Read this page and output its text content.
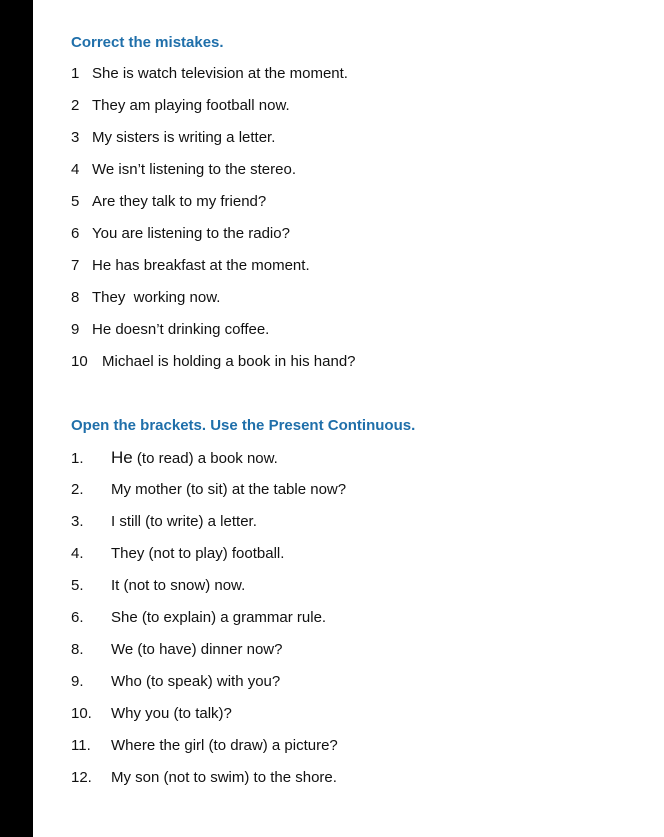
Correct the mistakes.
1 She is watch television at the moment.
2 They am playing football now.
3 My sisters is writing a letter.
4 We isn’t listening to the stereo.
5 Are they talk to my friend?
6 You are listening to the radio?
7 He has breakfast at the moment.
8 They  working now.
9 He doesn’t drinking coffee.
10 Michael is holding a book in his hand?
Open the brackets. Use the Present Continuous.
1. He (to read) a book now.
2. My mother (to sit) at the table now?
3. I still (to write) a letter.
4. They (not to play) football.
5. It (not to snow) now.
6. She (to explain) a grammar rule.
8. We (to have) dinner now?
9. Who (to speak) with you?
10. Why you (to talk)?
11. Where the girl (to draw) a picture?
12. My son (not to swim) to the shore.
